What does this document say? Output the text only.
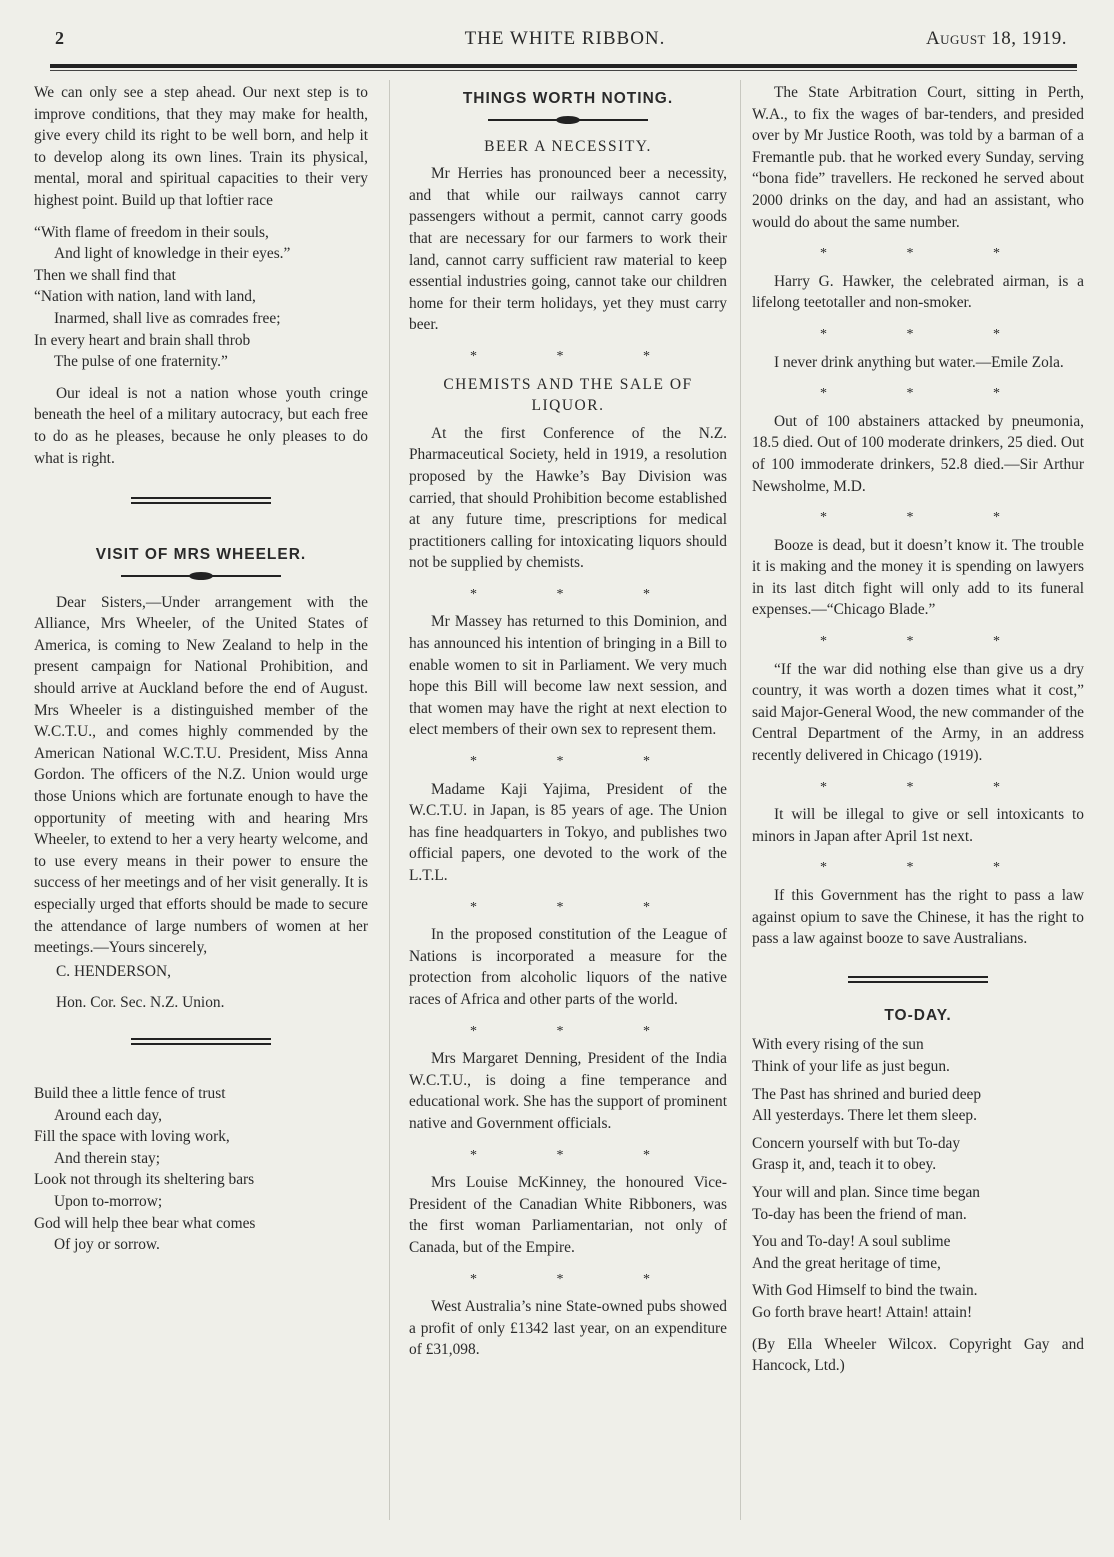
2	THE WHITE RIBBON.	August 18, 1919.

We can only see a step ahead. Our next step is to improve conditions, that they may make for health, give every child its right to be well born, and help it to develop along its own lines. Train its physical, mental, moral and spiritual capacities to their very highest point. Build up that loftier race

“With flame of freedom in their souls,
And light of knowledge in their eyes.”
Then we shall find that
“Nation with nation, land with land,
Inarmed, shall live as comrades free;
In every heart and brain shall throb
The pulse of one fraternity.”

Our ideal is not a nation whose youth cringe beneath the heel of a military autocracy, but each free to do as he pleases, because he only pleases to do what is right.

VISIT OF MRS WHEELER.

Dear Sisters,—Under arrangement with the Alliance, Mrs Wheeler, of the United States of America, is coming to New Zealand to help in the present campaign for National Prohibition, and should arrive at Auckland before the end of August. Mrs Wheeler is a distinguished member of the W.C.T.U., and comes highly commended by the American National W.C.T.U. President, Miss Anna Gordon. The officers of the N.Z. Union would urge those Unions which are fortunate enough to have the opportunity of meeting with and hearing Mrs Wheeler, to extend to her a very hearty welcome, and to use every means in their power to ensure the success of her meetings and of her visit generally. It is especially urged that efforts should be made to secure the attendance of large numbers of women at her meetings.—Yours sincerely,

C. HENDERSON,

Hon. Cor. Sec. N.Z. Union.

Build thee a little fence of trust
Around each day,
Fill the space with loving work,
And therein stay;
Look not through its sheltering bars
Upon to-morrow;
God will help thee bear what comes
Of joy or sorrow.
THINGS WORTH NOTING.
BEER A NECESSITY.

Mr Herries has pronounced beer a necessity, and that while our railways cannot carry passengers without a permit, cannot carry goods that are necessary for our farmers to work their land, cannot carry sufficient raw material to keep essential industries going, cannot take our children home for their term holidays, yet they must carry beer.

* * *
CHEMISTS AND THE SALE OF LIQUOR.

At the first Conference of the N.Z. Pharmaceutical Society, held in 1919, a resolution proposed by the Hawke’s Bay Division was carried, that should Prohibition become established at any future time, prescriptions for medical practitioners calling for intoxicating liquors should not be supplied by chemists.

* * *

Mr Massey has returned to this Dominion, and has announced his intention of bringing in a Bill to enable women to sit in Parliament. We very much hope this Bill will become law next session, and that women may have the right at next election to elect members of their own sex to represent them.

* * *

Madame Kaji Yajima, President of the W.C.T.U. in Japan, is 85 years of age. The Union has fine headquarters in Tokyo, and publishes two official papers, one devoted to the work of the L.T.L.

* * *

In the proposed constitution of the League of Nations is incorporated a measure for the protection from alcoholic liquors of the native races of Africa and other parts of the world.

* * *

Mrs Margaret Denning, President of the India W.C.T.U., is doing a fine temperance and educational work. She has the support of prominent native and Government officials.

* * *

Mrs Louise McKinney, the honoured Vice-President of the Canadian White Ribboners, was the first woman Parliamentarian, not only of Canada, but of the Empire.

* * *

West Australia’s nine State-owned pubs showed a profit of only £1342 last year, on an expenditure of £31,098.

The State Arbitration Court, sitting in Perth, W.A., to fix the wages of bar-tenders, and presided over by Mr Justice Rooth, was told by a barman of a Fremantle pub. that he worked every Sunday, serving “bona fide” travellers. He reckoned he served about 2000 drinks on the day, and had an assistant, who would do about the same number.

* * *

Harry G. Hawker, the celebrated airman, is a lifelong teetotaller and non-smoker.

* * *

I never drink anything but water.—Emile Zola.

* * *

Out of 100 abstainers attacked by pneumonia, 18.5 died. Out of 100 moderate drinkers, 25 died. Out of 100 immoderate drinkers, 52.8 died.—Sir Arthur Newsholme, M.D.

* * *

Booze is dead, but it doesn’t know it. The trouble it is making and the money it is spending on lawyers in its last ditch fight will only add to its funeral expenses.—“Chicago Blade.”

* * *

“If the war did nothing else than give us a dry country, it was worth a dozen times what it cost,” said Major-General Wood, the new commander of the Central Department of the Army, in an address recently delivered in Chicago (1919).

* * *

It will be illegal to give or sell intoxicants to minors in Japan after April 1st next.

* * *

If this Government has the right to pass a law against opium to save the Chinese, it has the right to pass a law against booze to save Australians.

TO-DAY.
With every rising of the sun
Think of your life as just begun.
The Past has shrined and buried deep
All yesterdays. There let them sleep.
Concern yourself with but To-day
Grasp it, and, teach it to obey.
Your will and plan. Since time began
To-day has been the friend of man.
You and To-day! A soul sublime
And the great heritage of time,
With God Himself to bind the twain.
Go forth brave heart! Attain! attain!

(By Ella Wheeler Wilcox. Copyright Gay and Hancock, Ltd.)
